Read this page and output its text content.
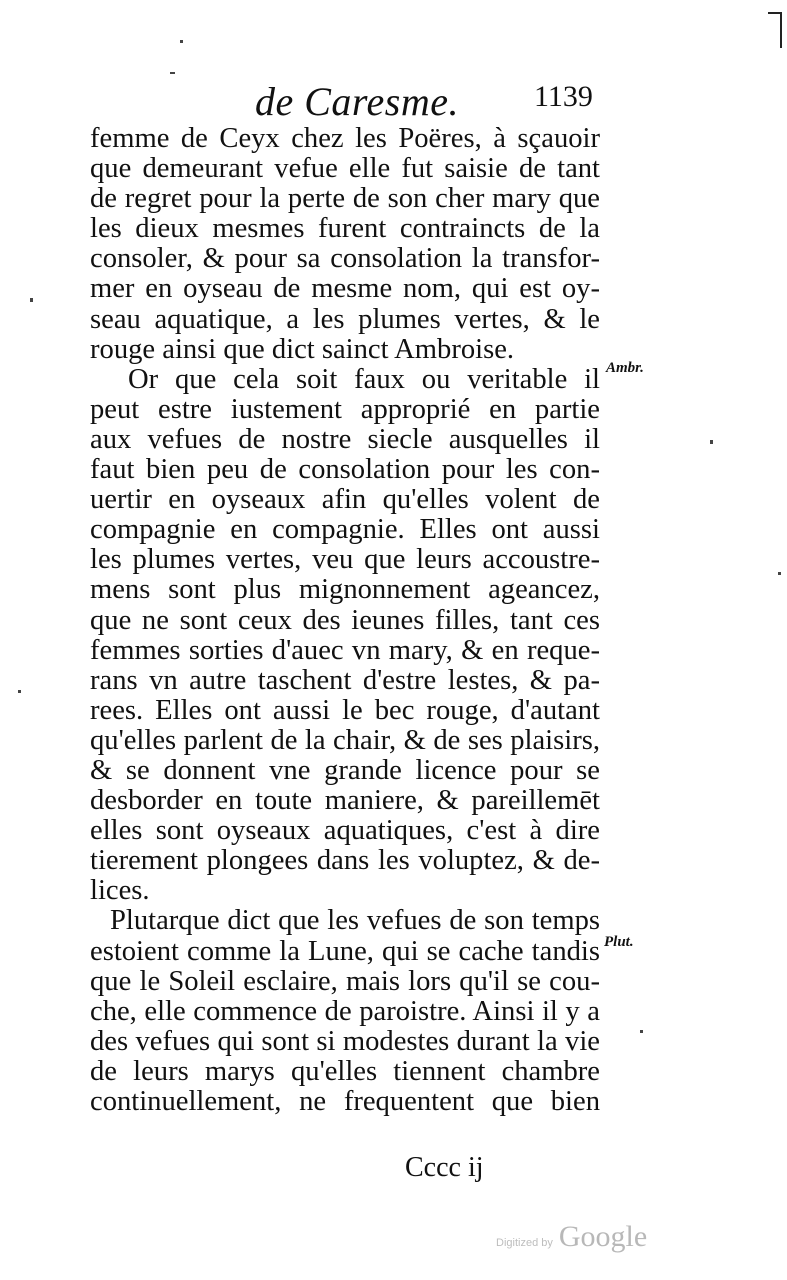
de Caresme.	1139
femme de Ceyx chez les Poëres, à sçauoir
que demeurant vefue elle fut saisie de tant
de regret pour la perte de son cher mary que
les dieux mesmes furent contraincts de la
consoler, & pour sa consolation la transfor-
mer en oyseau de mesme nom, qui est oy-
seau aquatique, a les plumes vertes, & le
rouge ainsi que dict sainct Ambroise.
Or que cela soit faux ou veritable il
peut estre iustement approprié en partie
aux vefues de nostre siecle ausquelles il
faut bien peu de consolation pour les con-
uertir en oyseaux afin qu'elles volent de
compagnie en compagnie. Elles ont aussi
les plumes vertes, veu que leurs accoustre-
mens sont plus mignonnement ageancez,
que ne sont ceux des ieunes filles, tant ces
femmes sorties d'auec vn mary, & en reque-
rans vn autre taschent d'estre lestes, & pa-
rees. Elles ont aussi le bec rouge, d'autant
qu'elles parlent de la chair, & de ses plaisirs,
& se donnent vne grande licence pour se
desborder en toute maniere, & pareillemēt
elles sont oyseaux aquatiques, c'est à dire
tierement plongees dans les voluptez, & de-
lices.
Plutarque dict que les vefues de son temps
estoient comme la Lune, qui se cache tandis
que le Soleil esclaire, mais lors qu'il se cou-
che, elle commence de paroistre. Ainsi il y a
des vefues qui sont si modestes durant la vie
de leurs marys qu'elles tiennent chambre
continuellement, ne frequentent que bien
Ambr.
Plut.
Cccc ij
Digitized by Google
